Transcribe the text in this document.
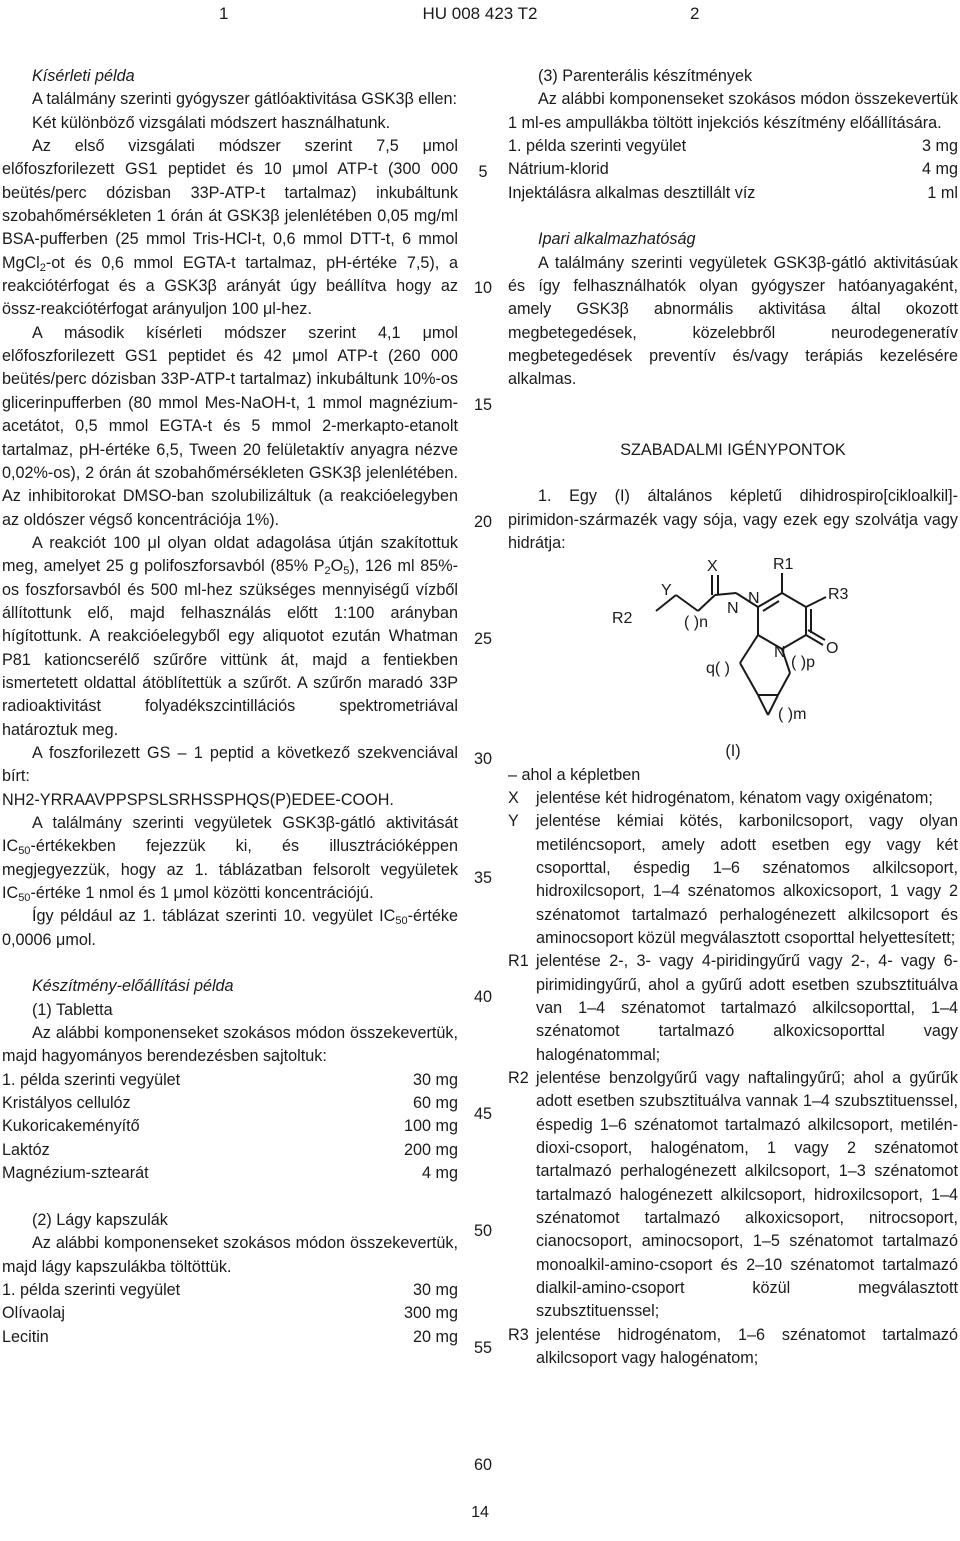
1	HU 008 423 T2	2
5
10
15
20
25
30
35
40
45
50
55
60
Kísérleti példa

A találmány szerinti gyógyszer gátlóaktivitása GSK3β ellen:

Két különböző vizsgálati módszert használhatunk.

Az első vizsgálati módszer szerint 7,5 μmol előfoszforilezett GS1 peptidet és 10 μmol ATP-t (300 000 beütés/perc dózisban 33P-ATP-t tartalmaz) inkubáltunk szobahőmérsékleten 1 órán át GSK3β jelenlétében 0,05 mg/ml BSA-pufferben (25 mmol Tris-HCl-t, 0,6 mmol DTT-t, 6 mmol MgCl$_2$-ot és 0,6 mmol EGTA-t tartalmaz, pH-értéke 7,5), a reakciótérfogat és a GSK3β arányát úgy beállítva hogy az össz-reakciótérfogat arányuljon 100 μl-hez.

A második kísérleti módszer szerint 4,1 μmol előfoszforilezett GS1 peptidet és 42 μmol ATP-t (260 000 beütés/perc dózisban 33P-ATP-t tartalmaz) inkubáltunk 10%-os glicerinpufferben (80 mmol Mes-NaOH-t, 1 mmol magnézium-acetátot, 0,5 mmol EGTA-t és 5 mmol 2-merkapto-etanolt tartalmaz, pH-értéke 6,5, Tween 20 felületaktív anyagra nézve 0,02%-os), 2 órán át szobahőmérsékleten GSK3β jelenlétében. Az inhibitorokat DMSO-ban szolubilizáltuk (a reakcióelegyben az oldószer végső koncentrációja 1%).

A reakciót 100 μl olyan oldat adagolása útján szakítottuk meg, amelyet 25 g polifoszforsavból (85% $P_2O_5$), 126 ml 85%-os foszforsavból és 500 ml-hez szükséges mennyiségű vízből állítottunk elő, majd felhasználás előtt 1:100 arányban hígítottunk. A reakcióelegyből egy aliquotot ezután Whatman P81 kationcserélő szűrőre vittünk át, majd a fentiekben ismertetett oldattal átöblítettük a szűrőt. A szűrőn maradó 33P radioaktivitást folyadékszcintillációs spektrometriával határoztuk meg.

A foszforilezett GS – 1 peptid a következő szekvenciával bírt:

NH2-YRRAAVPPSPSLSRHSSPHQS(P)EDEE-COOH.

A találmány szerinti vegyületek GSK3β-gátló aktivitását $IC_{50}$-értékekben fejezzük ki, és illusztrációképpen megjegyezzük, hogy az 1. táblázatban felsorolt vegyületek $IC_{50}$-értéke 1 nmol és 1 μmol közötti koncentrációjú.

Így például az 1. táblázat szerinti 10. vegyület $IC_{50}$-értéke 0,0006 μmol.

Készítmény-előállítási példa
(1) Tabletta

Az alábbi komponenseket szokásos módon összekevertük, majd hagyományos berendezésben sajtoltuk:

1. példa szerinti vegyület	30 mg
Kristályos cellulóz	60 mg
Kukoricakeményítő	100 mg
Laktóz	200 mg
Magnézium-sztearát	4 mg
(2) Lágy kapszulák

Az alábbi komponenseket szokásos módon összekevertük, majd lágy kapszulákba töltöttük.

1. példa szerinti vegyület	30 mg
Olívaolaj	300 mg
Lecitin	20 mg
(3) Parenterális készítmények

Az alábbi komponenseket szokásos módon összekevertük 1 ml-es ampullákba töltött injekciós készítmény előállítására.

1. példa szerinti vegyület	3 mg
Nátrium-klorid	4 mg
Injektálásra alkalmas desztillált víz	1 ml
Ipari alkalmazhatóság

A találmány szerinti vegyületek GSK3β-gátló aktivitásúak és így felhasználhatók olyan gyógyszer hatóanyagaként, amely GSK3β abnormális aktivitása által okozott megbetegedések, közelebbről neurodegeneratív megbetegedések preventív és/vagy terápiás kezelésére alkalmas.

SZABADALMI IGÉNYPONTOK

1. Egy (I) általános képletű dihidrospiro[cikloalkil]-pirimidon-származék vagy sója, vagy ezek egy szolvátja vagy hidrátja:

R1
R3
O
N
N
N
X
Y
R2	( )n
q( )	( )p
( )m
(I)
– ahol a képletben
X	jelentése két hidrogénatom, kénatom vagy oxigénatom;
Y	jelentése kémiai kötés, karbonilcsoport, vagy olyan metiléncsoport, amely adott esetben egy vagy két csoporttal, éspedig 1–6 szénatomos alkilcsoport, hidroxilcsoport, 1–4 szénatomos alkoxicsoport, 1 vagy 2 szénatomot tartalmazó perhalogénezett alkilcsoport és aminocsoport közül megválasztott csoporttal helyettesített;
R1 jelentése 2-, 3- vagy 4-piridingyűrű vagy 2-, 4- vagy 6-pirimidingyűrű, ahol a gyűrű adott esetben szubsztituálva van 1–4 szénatomot tartalmazó alkilcsoporttal, 1–4 szénatomot tartalmazó alkoxicsoporttal vagy halogénatommal;
R2 jelentése benzolgyűrű vagy naftalingyűrű; ahol a gyűrűk adott esetben szubsztituálva vannak 1–4 szubsztituenssel, éspedig 1–6 szénatomot tartalmazó alkilcsoport, metilén-dioxi-csoport, halogénatom, 1 vagy 2 szénatomot tartalmazó perhalogénezett alkilcsoport, 1–3 szénatomot tartalmazó halogénezett alkilcsoport, hidroxilcsoport, 1–4 szénatomot tartalmazó alkoxicsoport, nitrocsoport, cianocsoport, aminocsoport, 1–5 szénatomot tartalmazó monoalkil-amino-csoport és 2–10 szénatomot tartalmazó dialkil-amino-csoport közül megválasztott szubsztituenssel;
R3 jelentése hidrogénatom, 1–6 szénatomot tartalmazó alkilcsoport vagy halogénatom;
14
